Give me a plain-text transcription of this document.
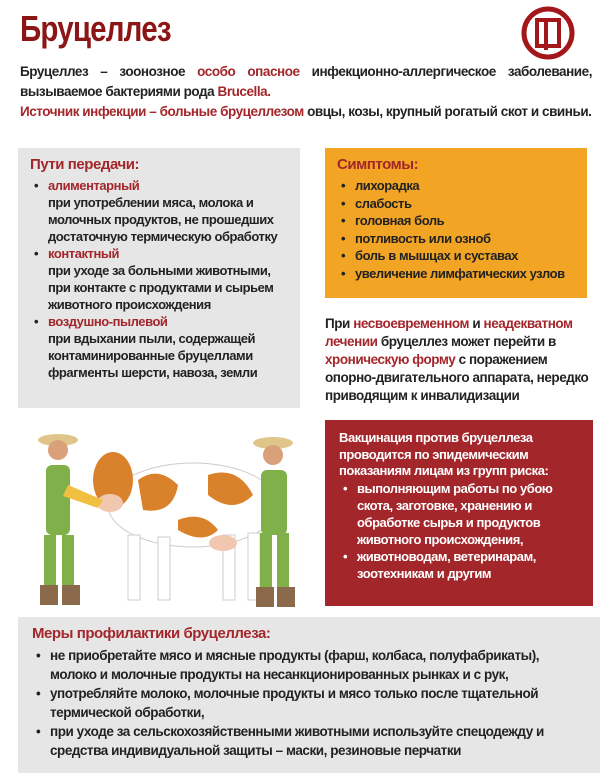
Бруцеллез
Бруцеллез – зоонозное особо опасное инфекционно-аллергическое заболевание, вызываемое бактериями рода Brucella.
Источник инфекции – больные бруцеллезом овцы, козы, крупный рогатый скот и свиньи.
Пути передачи:
• алиментарный
при употреблении мяса, молока и молочных продуктов, не прошедших достаточную термическую обработку
• контактный
при уходе за больными животными, при контакте с продуктами и сырьем животного происхождения
• воздушно-пылевой
при вдыхании пыли, содержащей контаминированные бруцеллами фрагменты шерсти, навоза, земли
Симптомы:
• лихорадка
• слабость
• головная боль
• потливость или озноб
• боль в мышцах и суставах
• увеличение лимфатических узлов
При несвоевременном и неадекватном лечении бруцеллез может перейти в хроническую форму с поражением опорно-двигательного аппарата, нередко приводящим к инвалидизации
Вакцинация против бруцеллеза проводится по эпидемическим показаниям лицам из групп риска:
• выполняющим работы по убою скота, заготовке, хранению и обработке сырья и продуктов животного происхождения,
• животноводам, ветеринарам, зоотехникам и другим
Меры профилактики бруцеллеза:
• не приобретайте мясо и мясные продукты (фарш, колбаса, полуфабрикаты), молоко и молочные продукты на несанкционированных рынках и с рук,
• употребляйте молоко, молочные продукты и мясо только после тщательной термической обработки,
• при уходе за сельскохозяйственными животными используйте спецодежду и средства индивидуальной защиты – маски, резиновые перчатки
